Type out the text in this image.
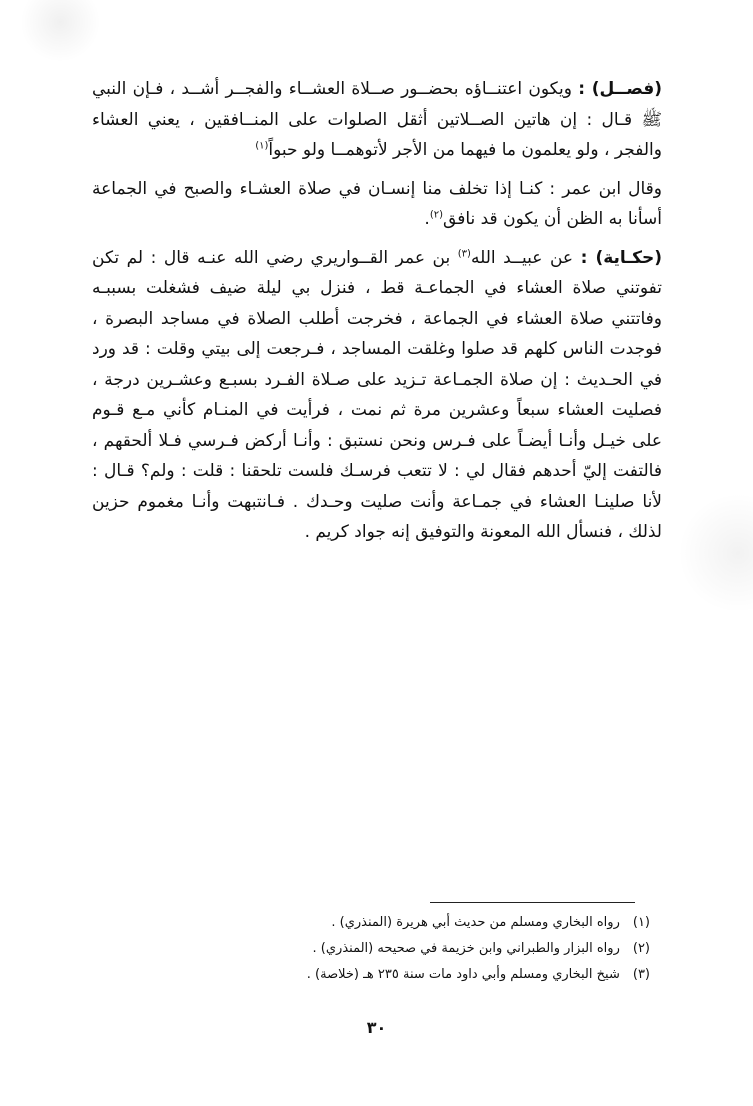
(فصــل) : ويكون اعتنــاؤه بحضــور صــلاة العشــاء والفجــر أشــد ، فـإن النبي ﷺ قـال : إن هاتين الصــلاتين أثقل الصلوات على المنــافقين ، يعني العشاء والفجر ، ولو يعلمون ما فيهما من الأجر لأتوهمــا ولو حبواً$^{(١)}$

وقال ابن عمر : كنـا إذا تخلف منا إنسـان في صلاة العشـاء والصبح في الجماعة أسأنا به الظن أن يكون قد نافق$^{(٢)}$.

(حكـاية) : عن عبيــد الله$^{(٣)}$ بن عمر القــواريري رضي الله عنـه قال : لم تكن تفوتني صلاة العشاء في الجماعـة قط ، فنزل بي ليلة ضيف فشغلت بسببـه وفاتتني صلاة العشاء في الجماعة ، فخرجت أطلب الصلاة في مساجد البصرة ، فوجدت الناس كلهم قد صلوا وغلقت المساجد ، فـرجعت إلى بيتي وقلت : قد ورد في الحـديث : إن صلاة الجمـاعة تـزيد على صـلاة الفـرد بسبـع وعشـرين درجة ، فصليت العشاء سبعاً وعشرين مرة ثم نمت ، فرأيت في المنـام كأني مـع قـوم على خيـل وأنـا أيضـاً على فـرس ونحن نستبق : وأنـا أركض فـرسي فـلا ألحقهم ، فالتفت إليّ أحدهم فقال لي : لا تتعب فرسـك فلست تلحقنا : قلت : ولم؟ قـال : لأنا صلينـا العشاء في جمـاعة وأنت صليت وحـدك . فـانتبهت وأنـا مغموم حزين لذلك ، فنسأل الله المعونة والتوفيق إنه جواد كريم .

(١) رواه البخاري ومسلم من حديث أبي هريرة (المنذري) .
(٢) رواه البزار والطبراني وابن خزيمة في صحيحه (المنذري) .
(٣) شيخ البخاري ومسلم وأبي داود مات سنة ٢٣٥ هـ (خلاصة) .
٣٠
